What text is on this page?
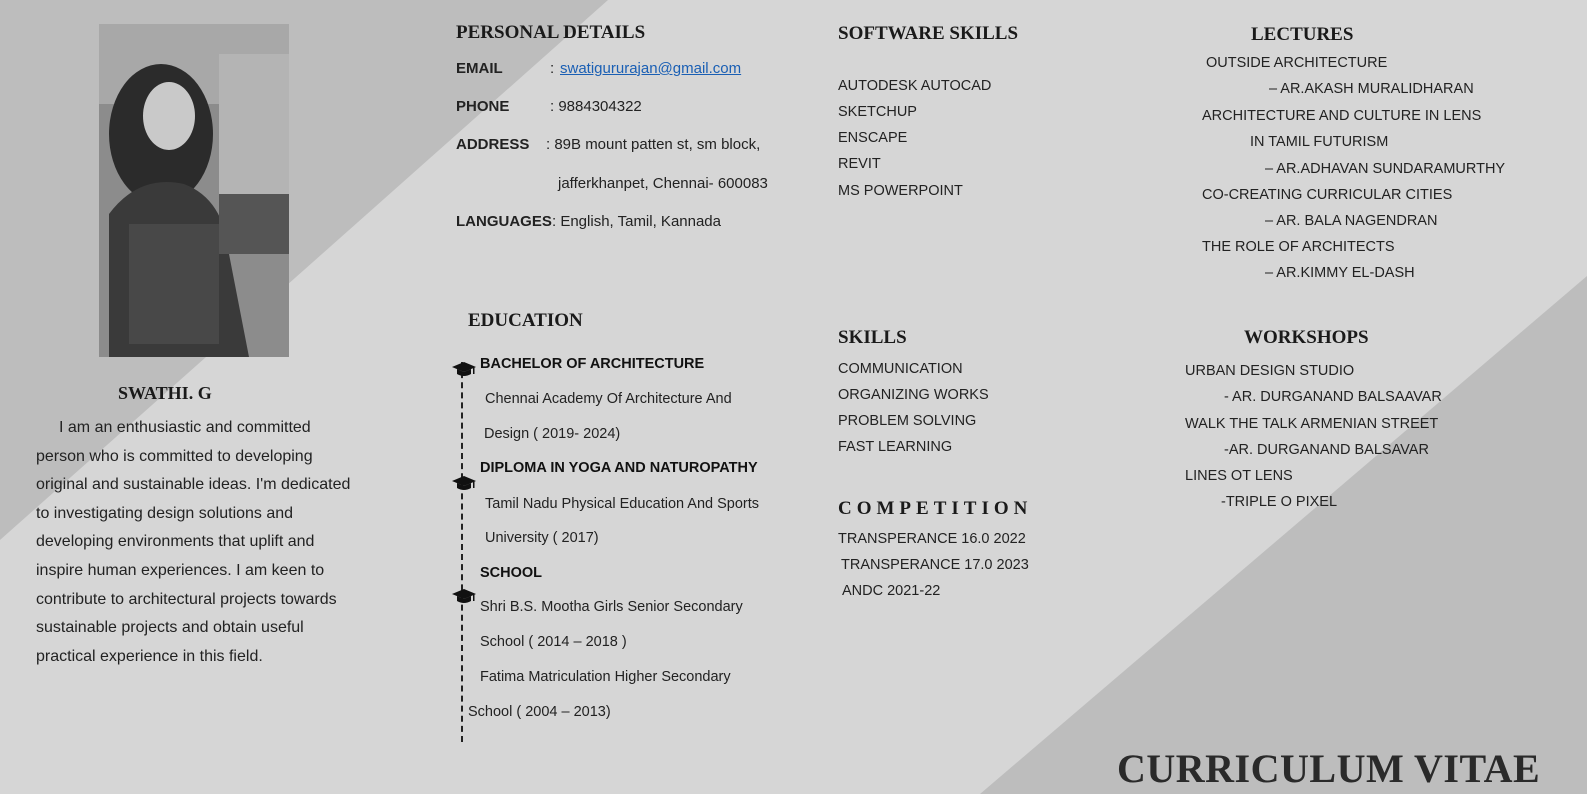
SWATHI. G
I am an enthusiastic and committed
person who is committed to developing
original and sustainable ideas. I'm dedicated
to investigating design solutions and
developing environments that uplift and
inspire human experiences. I am keen to
contribute to architectural projects towards
sustainable projects and obtain useful
practical experience in this field.
PERSONAL DETAILS
EMAIL	: swatigururajan@gmail.com
PHONE	: 9884304322
ADDRESS : 89B mount patten st, sm block,
jafferkhanpet, Chennai- 600083
LANGUAGES : English, Tamil, Kannada
EDUCATION
BACHELOR OF ARCHITECTURE
Chennai Academy Of Architecture And
Design ( 2019- 2024)
DIPLOMA IN YOGA AND NATUROPATHY
Tamil Nadu Physical Education And Sports
University ( 2017)
SCHOOL
Shri B.S. Mootha Girls Senior Secondary
School ( 2014 – 2018 )
Fatima Matriculation Higher Secondary
School ( 2004 – 2013)
SOFTWARE SKILLS
AUTODESK AUTOCAD
SKETCHUP
ENSCAPE
REVIT
MS POWERPOINT
SKILLS
COMMUNICATION
ORGANIZING WORKS
PROBLEM SOLVING
FAST LEARNING
COMPETITION
TRANSPERANCE 16.0 2022
TRANSPERANCE 17.0 2023
ANDC 2021-22
LECTURES
OUTSIDE ARCHITECTURE
– AR.AKASH MURALIDHARAN
ARCHITECTURE AND CULTURE IN LENS
IN TAMIL FUTURISM
– AR.ADHAVAN SUNDARAMURTHY
CO-CREATING CURRICULAR CITIES
– AR. BALA NAGENDRAN
THE ROLE OF ARCHITECTS
– AR.KIMMY EL-DASH
WORKSHOPS
URBAN DESIGN STUDIO
- AR. DURGANAND BALSAAVAR
WALK THE TALK ARMENIAN STREET
-AR. DURGANAND BALSAVAR
LINES OT LENS
-TRIPLE O PIXEL
CURRICULUM VITAE
